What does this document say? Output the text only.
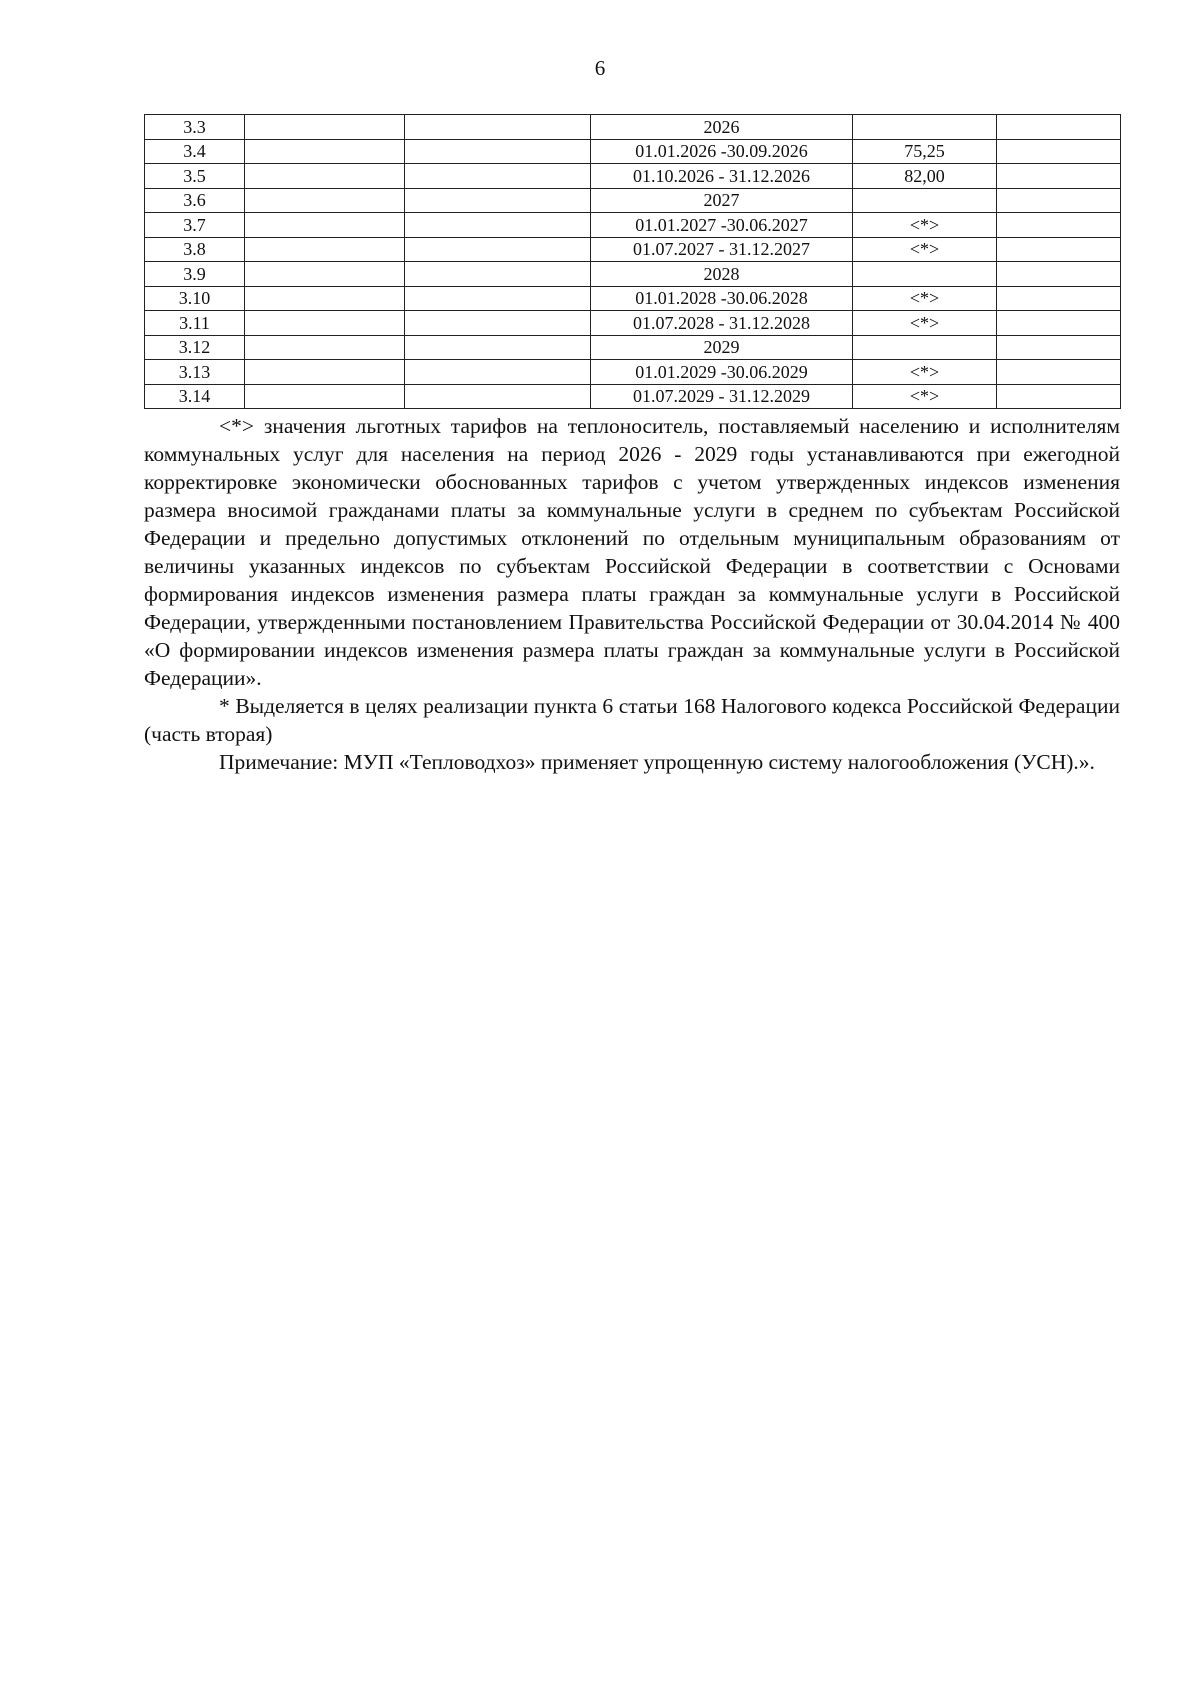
6
3.3			2026		
3.4			01.01.2026 -30.09.2026	75,25	
3.5			01.10.2026 - 31.12.2026	82,00	
3.6			2027		
3.7			01.01.2027 -30.06.2027	<*>	
3.8			01.07.2027 - 31.12.2027	<*>	
3.9			2028		
3.10			01.01.2028 -30.06.2028	<*>	
3.11			01.07.2028 - 31.12.2028	<*>	
3.12			2029		
3.13			01.01.2029 -30.06.2029	<*>	
3.14			01.07.2029 - 31.12.2029	<*>	

<*> значения льготных тарифов на теплоноситель, поставляемый населению и исполнителям коммунальных услуг для населения на период 2026 - 2029 годы устанавливаются при ежегодной корректировке экономически обоснованных тарифов с учетом утвержденных индексов изменения размера вносимой гражданами платы за коммунальные услуги в среднем по субъектам Российской Федерации и предельно допустимых отклонений по отдельным муниципальным образованиям от величины указанных индексов по субъектам Российской Федерации в соответствии с Основами формирования индексов изменения размера платы граждан за коммунальные услуги в Российской Федерации, утвержденными постановлением Правительства Российской Федерации от 30.04.2014 № 400 «О формировании индексов изменения размера платы граждан за коммунальные услуги в Российской Федерации».

* Выделяется в целях реализации пункта 6 статьи 168 Налогового кодекса Российской Федерации (часть вторая)

Примечание: МУП «Тепловодхоз» применяет упрощенную систему налогообложения (УСН).».
